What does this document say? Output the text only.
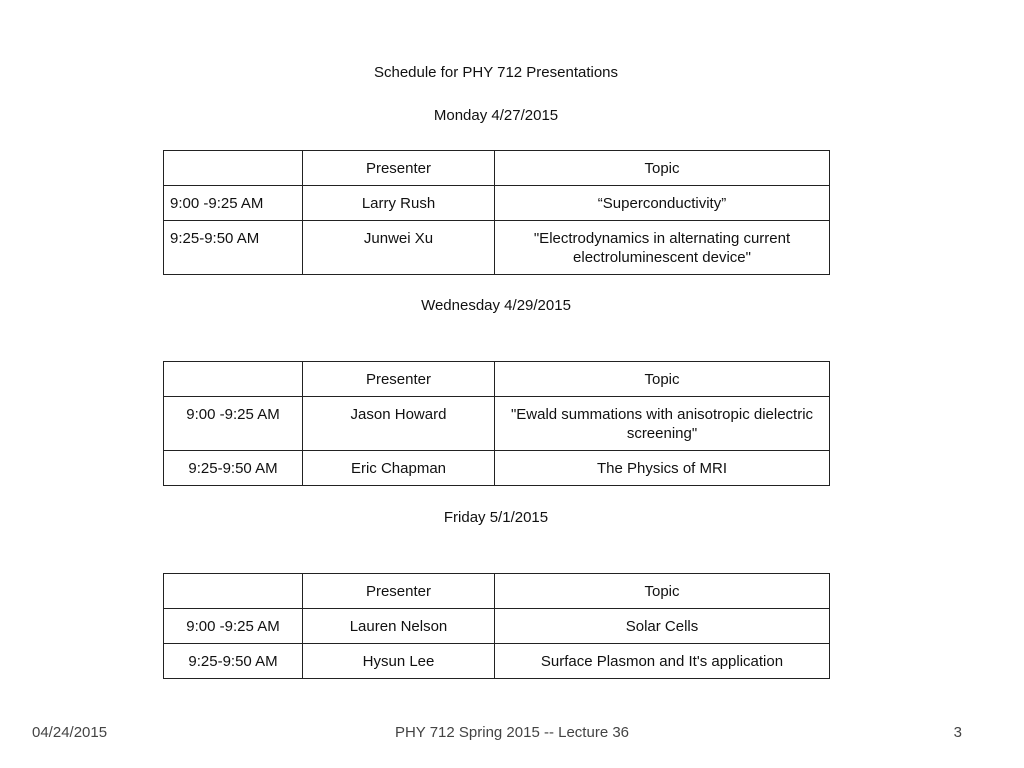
Schedule for PHY 712 Presentations
Monday 4/27/2015
	Presenter	Topic
9:00 -9:25 AM	Larry Rush	“Superconductivity”
9:25-9:50 AM	Junwei Xu	"Electrodynamics in alternating current electroluminescent device"
Wednesday 4/29/2015
	Presenter	Topic
9:00 -9:25 AM	Jason Howard	"Ewald summations with anisotropic dielectric screening"
9:25-9:50 AM	Eric Chapman	The Physics of MRI
Friday 5/1/2015
	Presenter	Topic
9:00 -9:25 AM	Lauren Nelson	Solar Cells
9:25-9:50 AM	Hysun Lee	Surface Plasmon and It's application
04/24/2015	PHY 712 Spring 2015 -- Lecture 36	3
